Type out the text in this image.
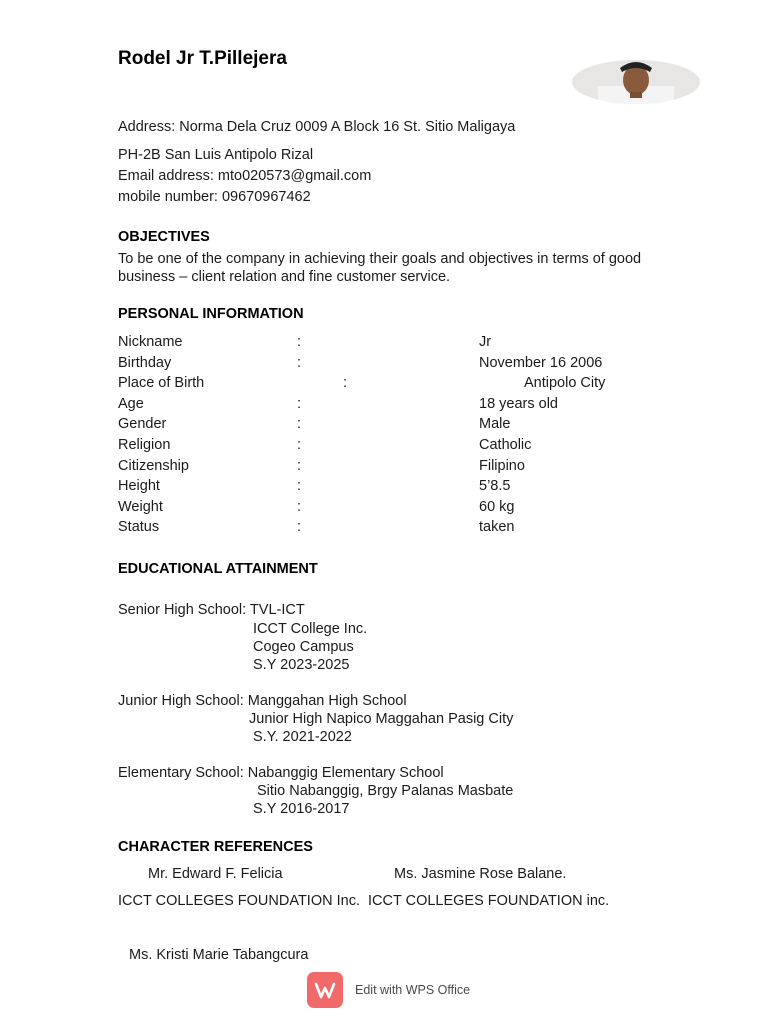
Rodel Jr T.Pillejera
Address: Norma Dela Cruz 0009 A Block 16 St. Sitio Maligaya
PH-2B San Luis Antipolo Rizal
Email address: mto020573@gmail.com
mobile number: 09670967462
OBJECTIVES
To be one of the company in achieving their goals and objectives in terms of good business – client relation and fine customer service.
PERSONAL INFORMATION
Nickname	:	Jr
Birthday	:	November 16 2006
Place of Birth	:	Antipolo City
Age	:	18 years old
Gender	:	Male
Religion	:	Catholic
Citizenship	:	Filipino
Height	:	5’8.5
Weight	:	60 kg
Status	:	taken
EDUCATIONAL ATTAINMENT
Senior High School: TVL-ICT
ICCT College Inc.
Cogeo Campus
S.Y 2023-2025
Junior High School: Manggahan High School
Junior High Napico Maggahan Pasig City
S.Y. 2021-2022
Elementary School: Nabanggig Elementary School
Sitio Nabanggig, Brgy Palanas Masbate
S.Y 2016-2017
CHARACTER REFERENCES
Mr. Edward F. Felicia	Ms. Jasmine Rose Balane.
ICCT COLLEGES FOUNDATION Inc. ICCT COLLEGES FOUNDATION inc.
Ms. Kristi Marie Tabangcura
Edit with WPS Office
